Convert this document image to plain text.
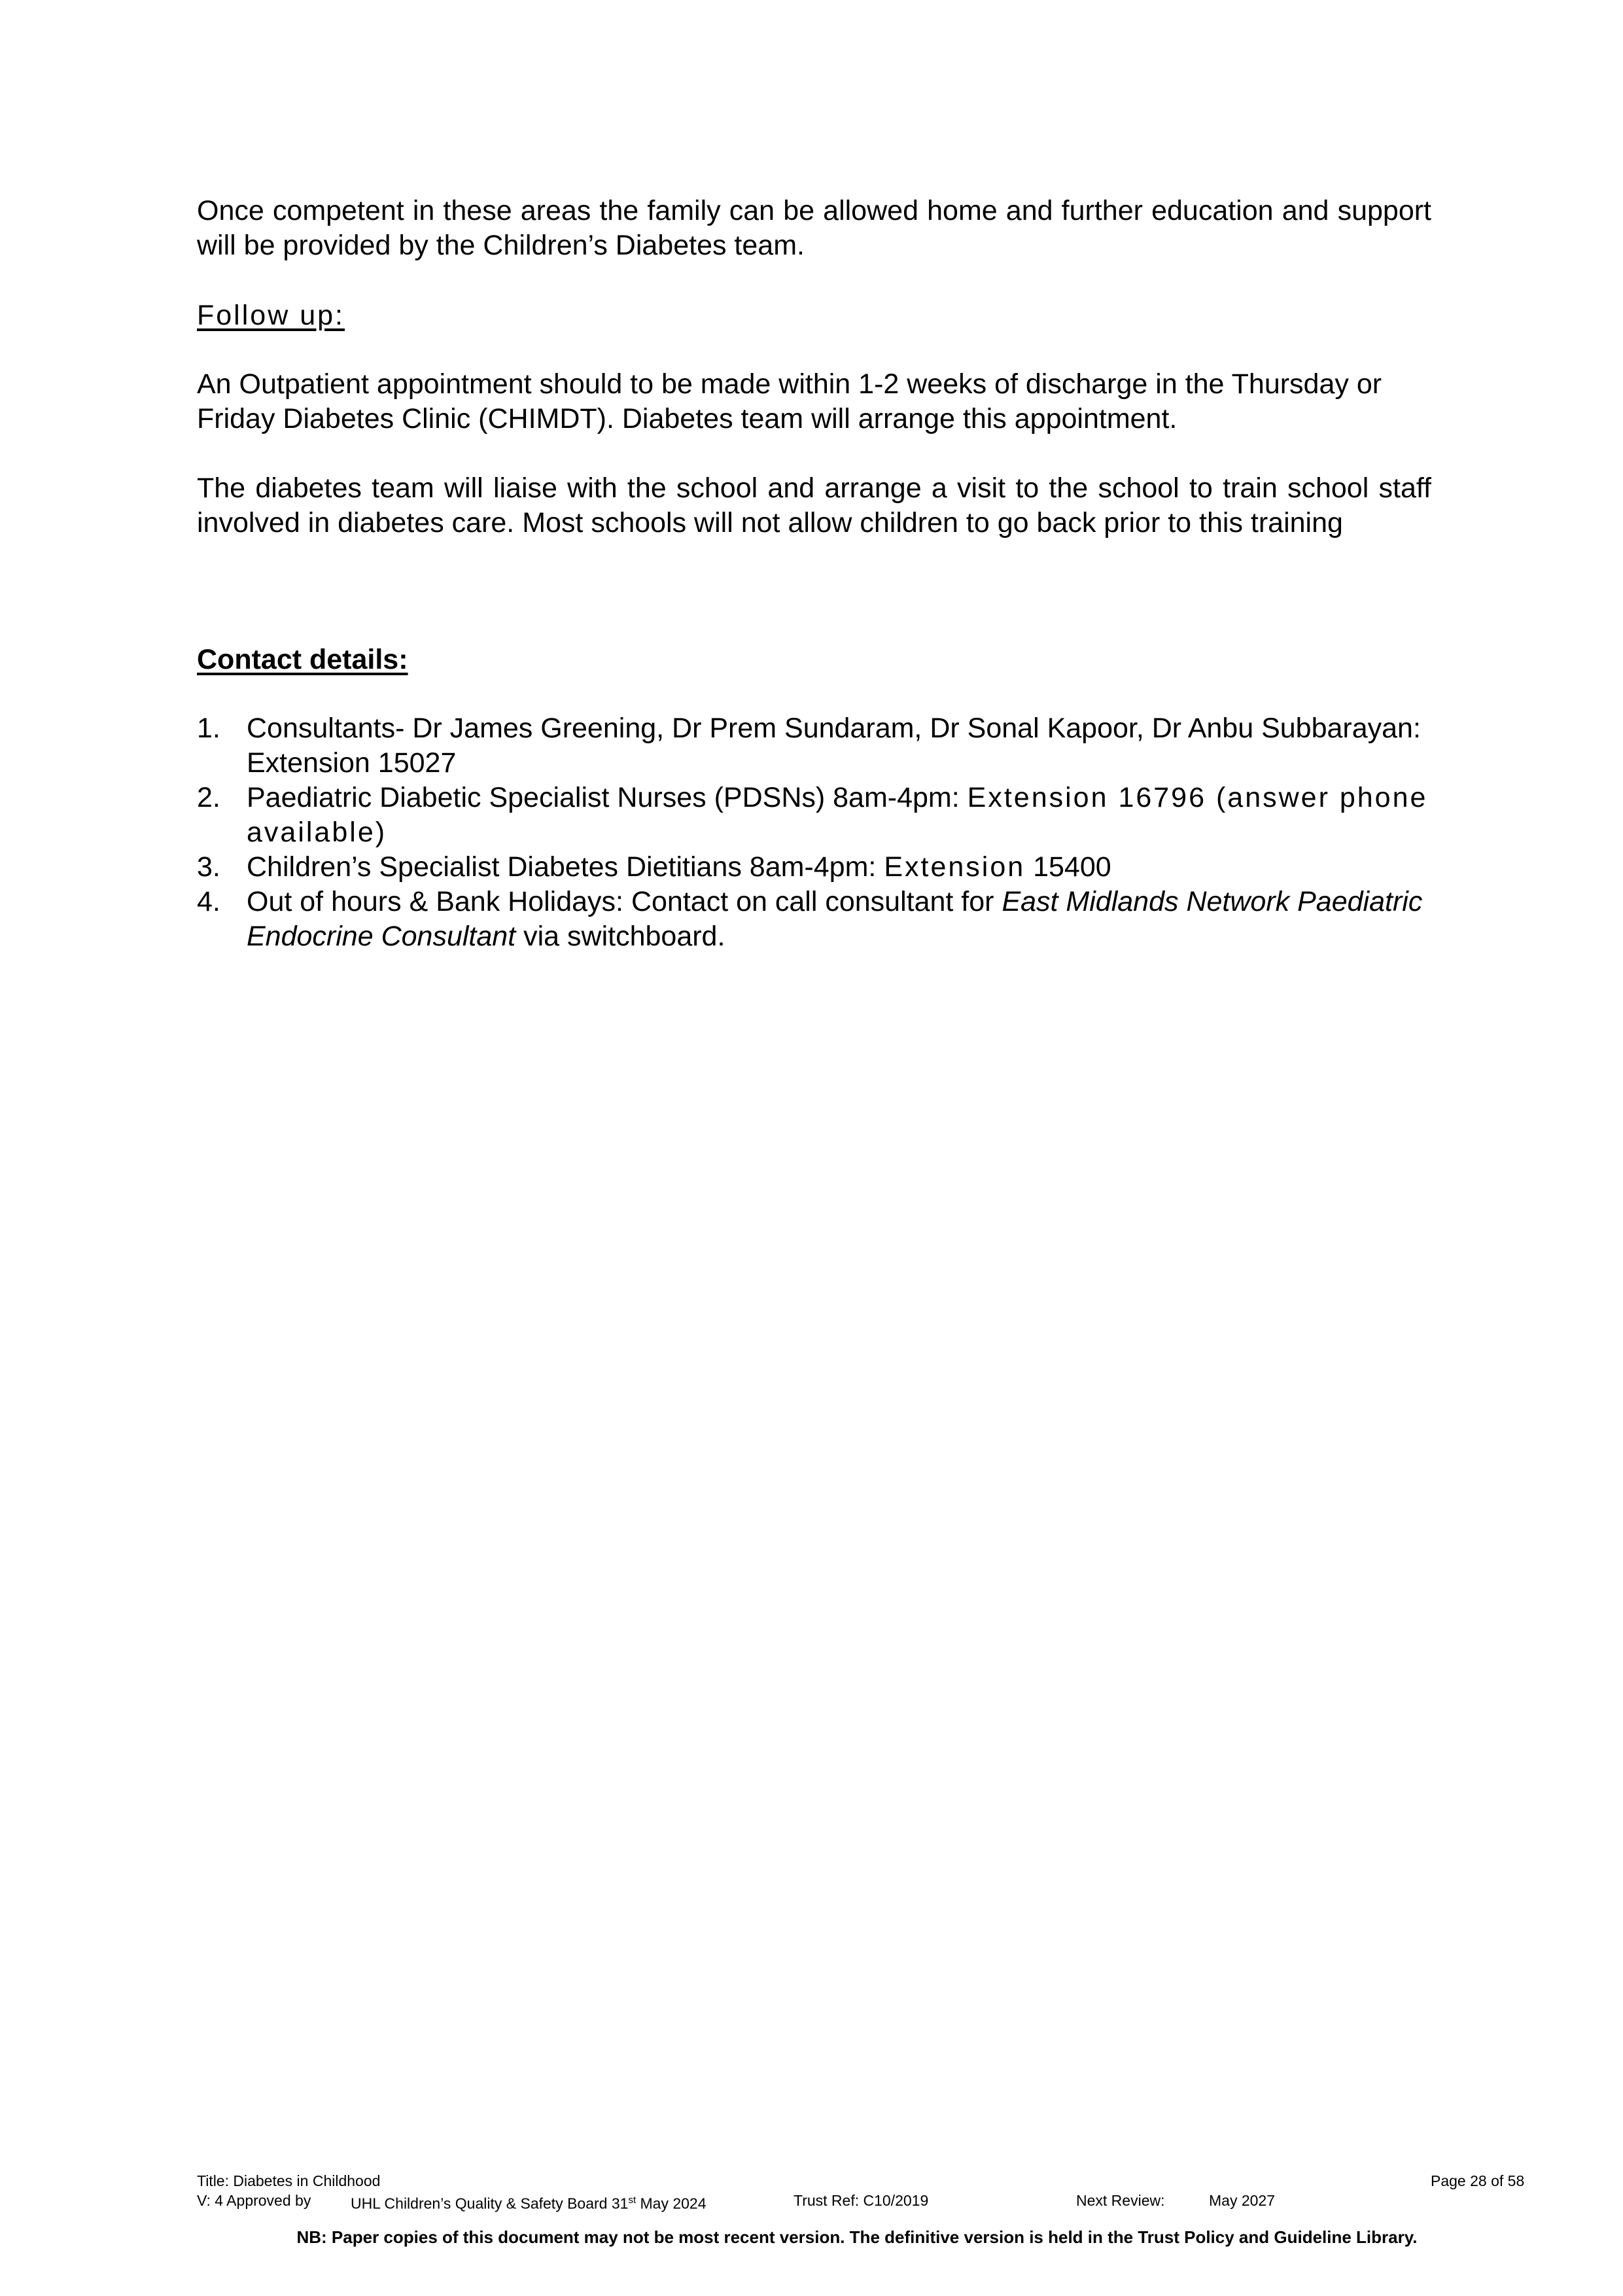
Once competent in these areas the family can be allowed home and further education and support will be provided by the Children’s Diabetes team.

Follow up:

An Outpatient appointment should to be made within 1-2 weeks of discharge in the Thursday or Friday Diabetes Clinic (CHIMDT). Diabetes team will arrange this appointment.

The diabetes team will liaise with the school and arrange a visit to the school to train school staff involved in diabetes care. Most schools will not allow children to go back prior to this training

Contact details:

1. Consultants- Dr James Greening, Dr Prem Sundaram, Dr Sonal Kapoor, Dr Anbu Subbarayan: Extension 15027
2. Paediatric Diabetic Specialist Nurses (PDSNs) 8am-4pm: Extension 16796 (answer phone available)
3. Children’s Specialist Diabetes Dietitians 8am-4pm: Extension 15400
4. Out of hours & Bank Holidays: Contact on call consultant for East Midlands Network Paediatric Endocrine Consultant via switchboard.
Title: Diabetes in Childhood	Page 28 of 58
V: 4 Approved by	UHL Children’s Quality & Safety Board 31st May 2024	Trust Ref: C10/2019	Next Review:	May 2027
NB: Paper copies of this document may not be most recent version. The definitive version is held in the Trust Policy and Guideline Library.
